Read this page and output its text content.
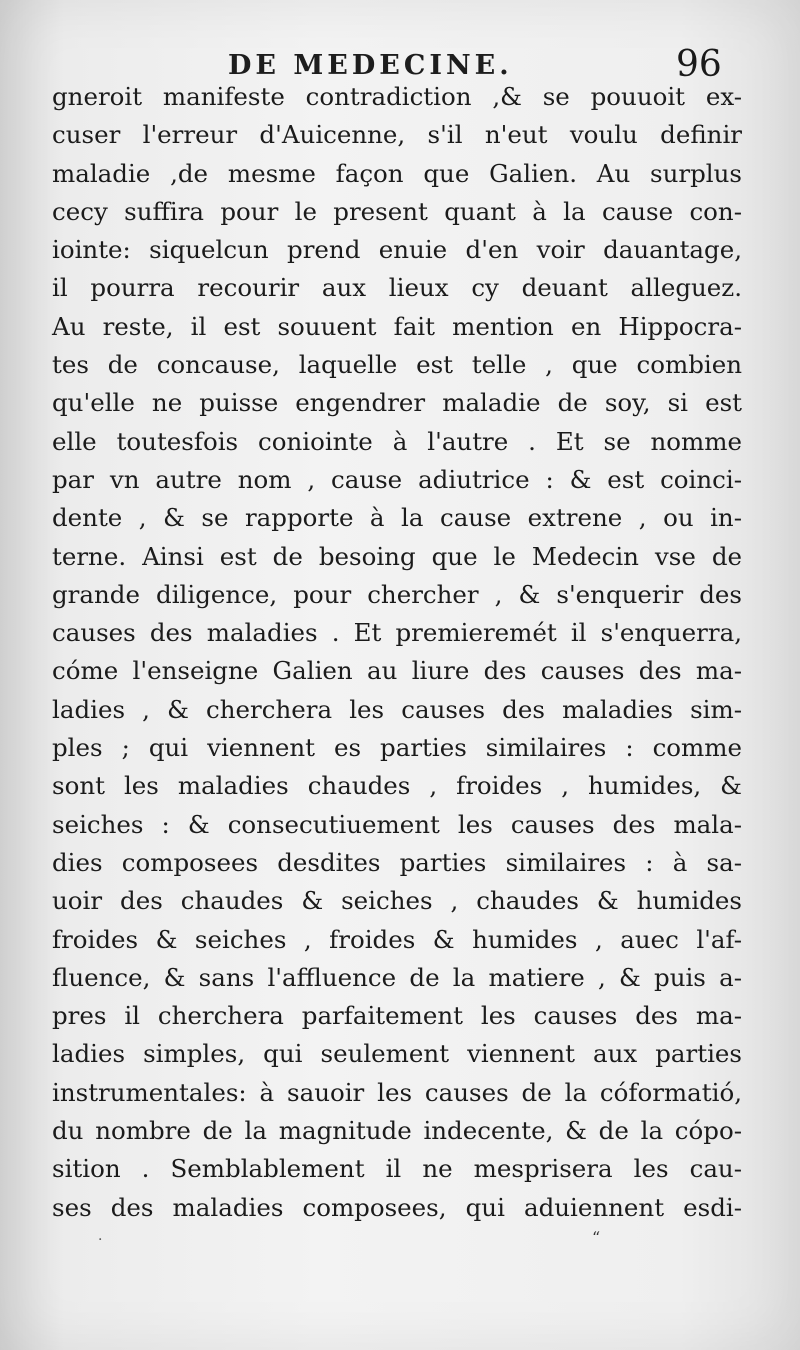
DE MEDECINE.	96
gneroit manifeste contradiction ,& se pouuoit ex-
cuser l'erreur d'Auicenne, s'il n'eut voulu definir
maladie ,de mesme façon que Galien. Au surplus
cecy suffira pour le present quant à la cause con-
iointe: siquelcun prend enuie d'en voir dauantage,
il pourra recourir aux lieux cy deuant alleguez.
Au reste, il est souuent fait mention en Hippocra-
tes de concause, laquelle est telle , que combien
qu'elle ne puisse engendrer maladie de soy, si est
elle toutesfois coniointe à l'autre . Et se nomme
par vn autre nom , cause adiutrice : & est coinci-
dente , & se rapporte à la cause extrene , ou in-
terne. Ainsi est de besoing que le Medecin vse de
grande diligence, pour chercher , & s'enquerir des
causes des maladies . Et premieremét il s'enquerra,
cóme l'enseigne Galien au liure des causes des ma-
ladies , & cherchera les causes des maladies sim-
ples ; qui viennent es parties similaires : comme
sont les maladies chaudes , froides , humides, &
seiches : & consecutiuement les causes des mala-
dies composees desdites parties similaires : à sa-
uoir des chaudes & seiches , chaudes & humides
froides & seiches , froides & humides , auec l'af-
fluence, & sans l'affluence de la matiere , & puis a-
pres il cherchera parfaitement les causes des ma-
ladies simples, qui seulement viennent aux parties
instrumentales: à sauoir les causes de la cóformatió,
du nombre de la magnitude indecente, & de la cópo-
sition . Semblablement il ne mesprisera les cau-
ses des maladies composees, qui aduiennent esdi-
·	“
